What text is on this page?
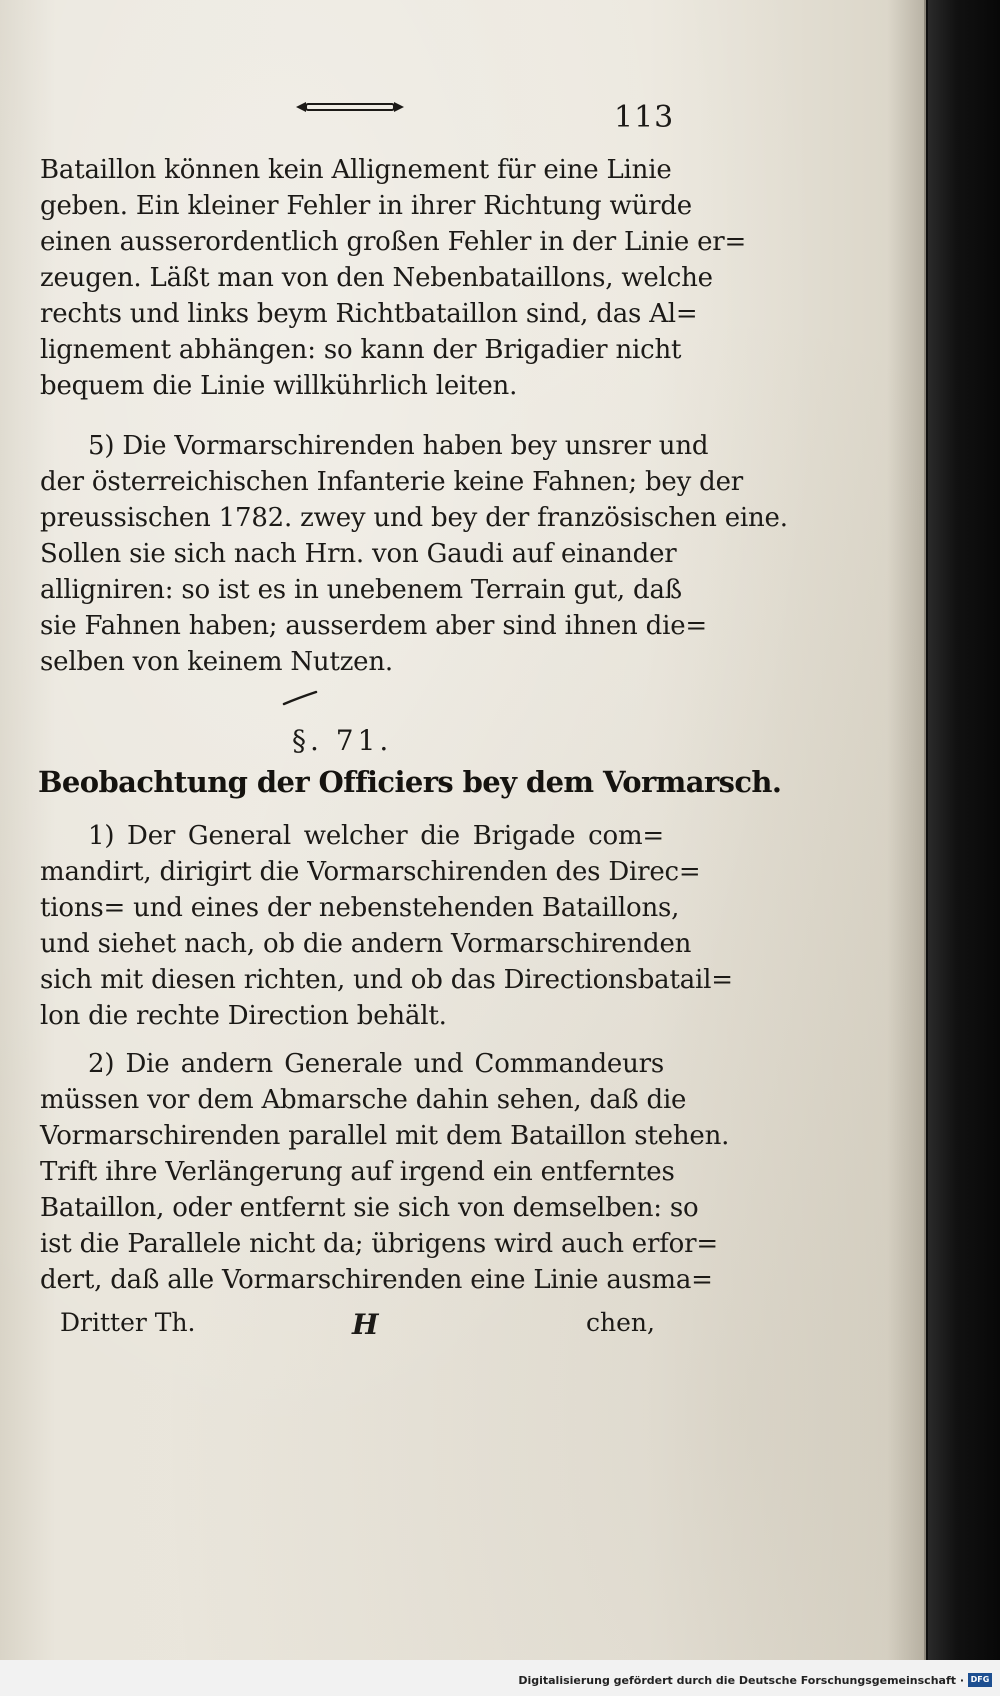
113
Bataillon können kein Allignement für eine Linie
geben. Ein kleiner Fehler in ihrer Richtung würde
einen ausserordentlich großen Fehler in der Linie er=
zeugen. Läßt man von den Nebenbataillons, welche
rechts und links beym Richtbataillon sind, das Al=
lignement abhängen: so kann der Brigadier nicht
bequem die Linie willkührlich leiten.
5) Die Vormarschirenden haben bey unsrer und
der österreichischen Infanterie keine Fahnen; bey der
preussischen 1782. zwey und bey der französischen eine.
Sollen sie sich nach Hrn. von Gaudi auf einander
alligniren: so ist es in unebenem Terrain gut, daß
sie Fahnen haben; ausserdem aber sind ihnen die=
selben von keinem Nutzen.
§. 71.
Beobachtung der Officiers bey dem Vormarsch.
1) Der General welcher die Brigade com=
mandirt, dirigirt die Vormarschirenden des Direc=
tions= und eines der nebenstehenden Bataillons,
und siehet nach, ob die andern Vormarschirenden
sich mit diesen richten, und ob das Directionsbatail=
lon die rechte Direction behält.
2) Die andern Generale und Commandeurs
müssen vor dem Abmarsche dahin sehen, daß die
Vormarschirenden parallel mit dem Bataillon stehen.
Trift ihre Verlängerung auf irgend ein entferntes
Bataillon, oder entfernt sie sich von demselben: so
ist die Parallele nicht da; übrigens wird auch erfor=
dert, daß alle Vormarschirenden eine Linie ausma=
Dritter Th.	H	chen,
Digitalisierung gefördert durch die Deutsche Forschungsgemeinschaft · DFG
